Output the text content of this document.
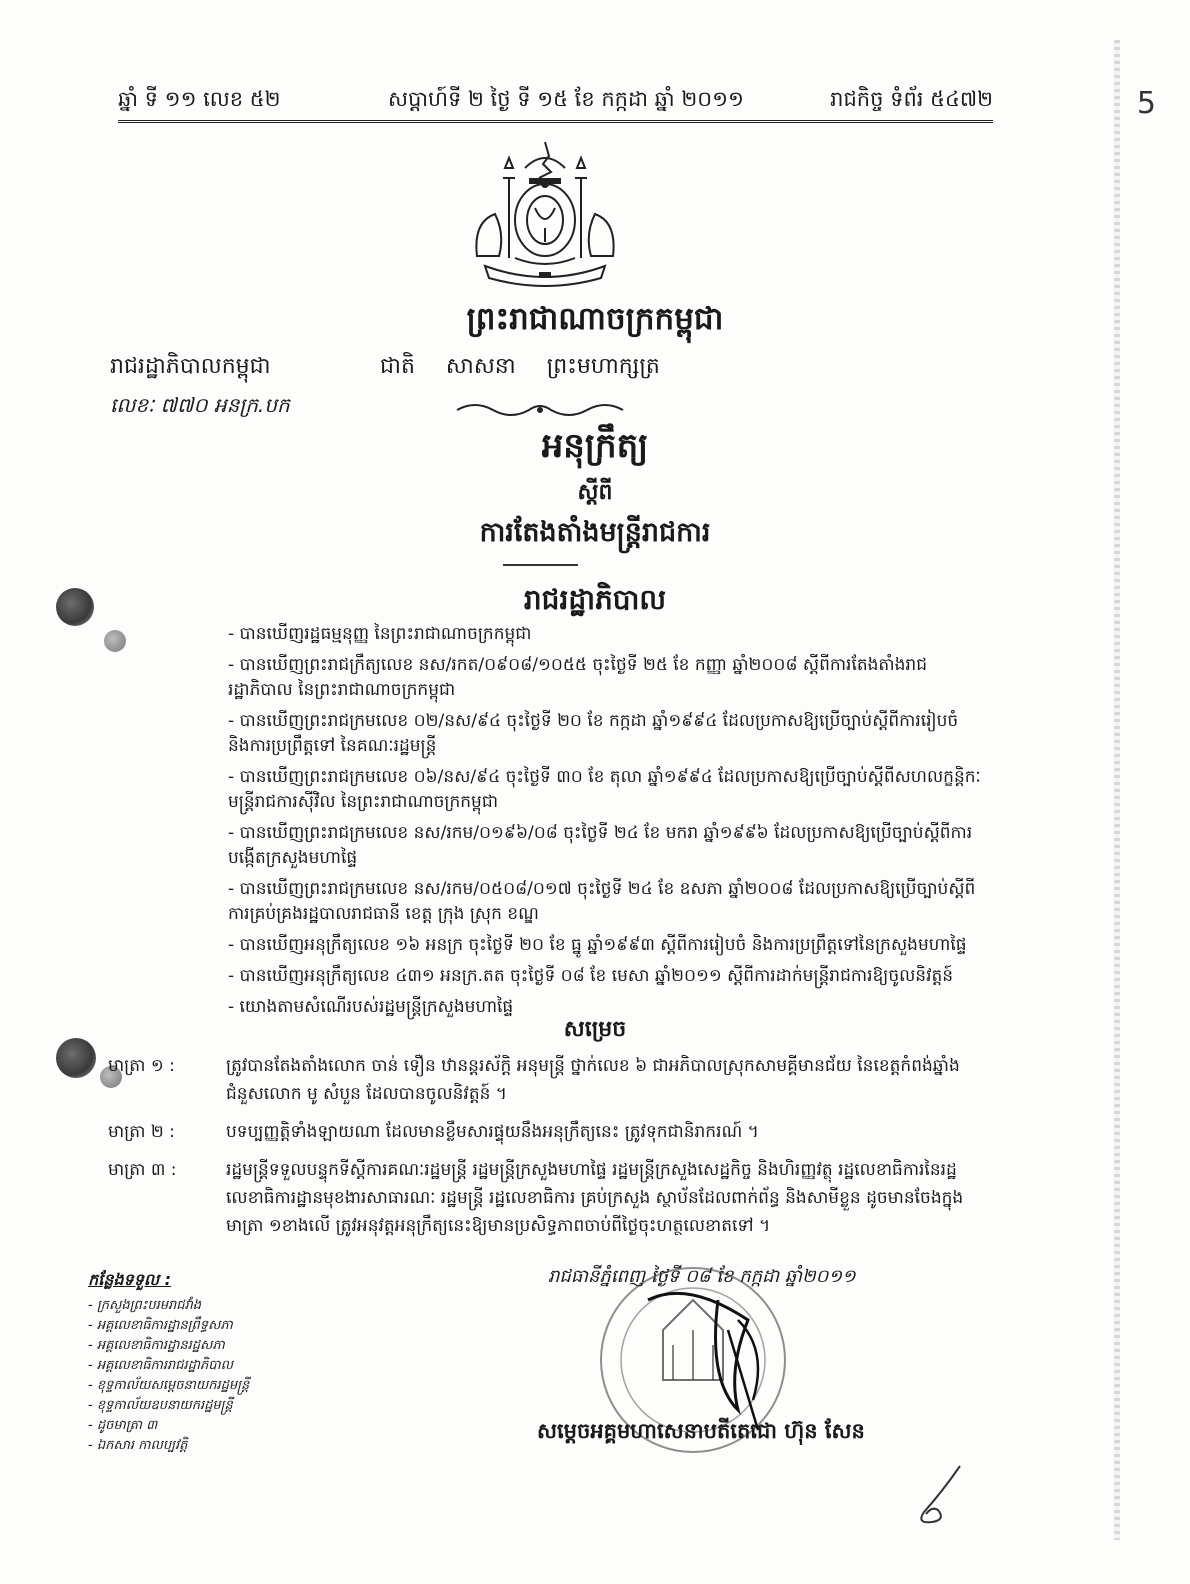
5
ឆ្នាំ ទី ១១ លេខ ៥២	សប្តាហ៍ទី ២ ថ្ងៃ ទី ១៥ ខែ កក្កដា ឆ្នាំ ២០១១	រាជកិច្ច ទំព័រ ៥៤៧២
ព្រះរាជាណាចក្រកម្ពុជា
រាជរដ្ឋាភិបាលកម្ពុជា	ជាតិ សាសនា ព្រះមហាក្សត្រ
លេខៈ ៧៧០ អនក្រ.បក
អនុក្រឹត្យ
ស្តីពី
ការតែងតាំងមន្ត្រីរាជការ
រាជរដ្ឋាភិបាល
- បានឃើញរដ្ឋធម្មនុញ្ញ នៃព្រះរាជាណាចក្រកម្ពុជា
- បានឃើញព្រះរាជក្រឹត្យលេខ នស/រកត/០៩០៨/១០៥៥ ចុះថ្ងៃទី ២៥ ខែ កញ្ញា ឆ្នាំ២០០៨ ស្តីពីការតែងតាំងរាជរដ្ឋាភិបាល នៃព្រះរាជាណាចក្រកម្ពុជា
- បានឃើញព្រះរាជក្រមលេខ ០២/នស/៩៤ ចុះថ្ងៃទី ២០ ខែ កក្កដា ឆ្នាំ១៩៩៤ ដែលប្រកាសឱ្យប្រើច្បាប់ស្តីពីការរៀបចំ និងការប្រព្រឹត្តទៅ នៃគណៈរដ្ឋមន្ត្រី
- បានឃើញព្រះរាជក្រមលេខ ០៦/នស/៩៤ ចុះថ្ងៃទី ៣០ ខែ តុលា ឆ្នាំ១៩៩៤ ដែលប្រកាសឱ្យប្រើច្បាប់ស្តីពីសហលក្ខន្តិកៈមន្ត្រីរាជការស៊ីវិល នៃព្រះរាជាណាចក្រកម្ពុជា
- បានឃើញព្រះរាជក្រមលេខ នស/រកម/០១៩៦/០៨ ចុះថ្ងៃទី ២៤ ខែ មករា ឆ្នាំ១៩៩៦ ដែលប្រកាសឱ្យប្រើច្បាប់ស្តីពីការបង្កើតក្រសួងមហាផ្ទៃ
- បានឃើញព្រះរាជក្រមលេខ នស/រកម/០៥០៨/០១៧ ចុះថ្ងៃទី ២៤ ខែ ឧសភា ឆ្នាំ២០០៨ ដែលប្រកាសឱ្យប្រើច្បាប់ស្តីពីការគ្រប់គ្រងរដ្ឋបាលរាជធានី ខេត្ត ក្រុង ស្រុក ខណ្ឌ
- បានឃើញអនុក្រឹត្យលេខ ១៦ អនក្រ ចុះថ្ងៃទី ២០ ខែ ធ្នូ ឆ្នាំ១៩៩៣ ស្តីពីការរៀបចំ និងការប្រព្រឹត្តទៅនៃក្រសួងមហាផ្ទៃ
- បានឃើញអនុក្រឹត្យលេខ ៤៣១ អនក្រ.តត ចុះថ្ងៃទី ០៨ ខែ មេសា ឆ្នាំ២០១១ ស្តីពីការដាក់មន្ត្រីរាជការឱ្យចូលនិវត្តន៍
- យោងតាមសំណើរបស់រដ្ឋមន្ត្រីក្រសួងមហាផ្ទៃ
សម្រេច
មាត្រា ១ :	ត្រូវបានតែងតាំងលោក ចាន់ ទឿន ឋានន្តរស័ក្តិ អនុមន្ត្រី ថ្នាក់លេខ ៦ ជាអភិបាលស្រុកសាមគ្គីមានជ័យ នៃខេត្តកំពង់ឆ្នាំង ជំនួសលោក មូ សំបួន ដែលបានចូលនិវត្តន៍ ។
មាត្រា ២ :	បទប្បញ្ញត្តិទាំងឡាយណា ដែលមានខ្លឹមសារផ្ទុយនឹងអនុក្រឹត្យនេះ ត្រូវទុកជានិរាករណ៍ ។
មាត្រា ៣ :	រដ្ឋមន្ត្រីទទួលបន្ទុកទីស្តីការគណៈរដ្ឋមន្ត្រី រដ្ឋមន្ត្រីក្រសួងមហាផ្ទៃ រដ្ឋមន្ត្រីក្រសួងសេដ្ឋកិច្ច និងហិរញ្ញវត្ថុ រដ្ឋលេខាធិការនៃរដ្ឋលេខាធិការដ្ឋានមុខងារសាធារណៈ រដ្ឋមន្ត្រី រដ្ឋលេខាធិការ គ្រប់ក្រសួង ស្ថាប័នដែលពាក់ព័ន្ធ និងសាមីខ្លួន ដូចមានចែងក្នុងមាត្រា ១ខាងលើ ត្រូវអនុវត្តអនុក្រឹត្យនេះឱ្យមានប្រសិទ្ធភាពចាប់ពីថ្ងៃចុះហត្ថលេខាតទៅ ។
រាជធានីភ្នំពេញ ថ្ងៃទី ០៨ ខែ កក្កដា ឆ្នាំ២០១១
កន្លែងទទួល :
- ក្រសួងព្រះបរមរាជវាំង
- អគ្គលេខាធិការដ្ឋានព្រឹទ្ធសភា
- អគ្គលេខាធិការដ្ឋានរដ្ឋសភា
- អគ្គលេខាធិការរាជរដ្ឋាភិបាល
- ខុទ្ទកាល័យសម្តេចនាយករដ្ឋមន្ត្រី
- ខុទ្ទកាល័យឧបនាយករដ្ឋមន្ត្រី
- ដូចមាត្រា ៣
- ឯកសារ កាលប្បវត្តិ
សម្តេចអគ្គមហាសេនាបតីតេជោ ហ៊ុន សែន
